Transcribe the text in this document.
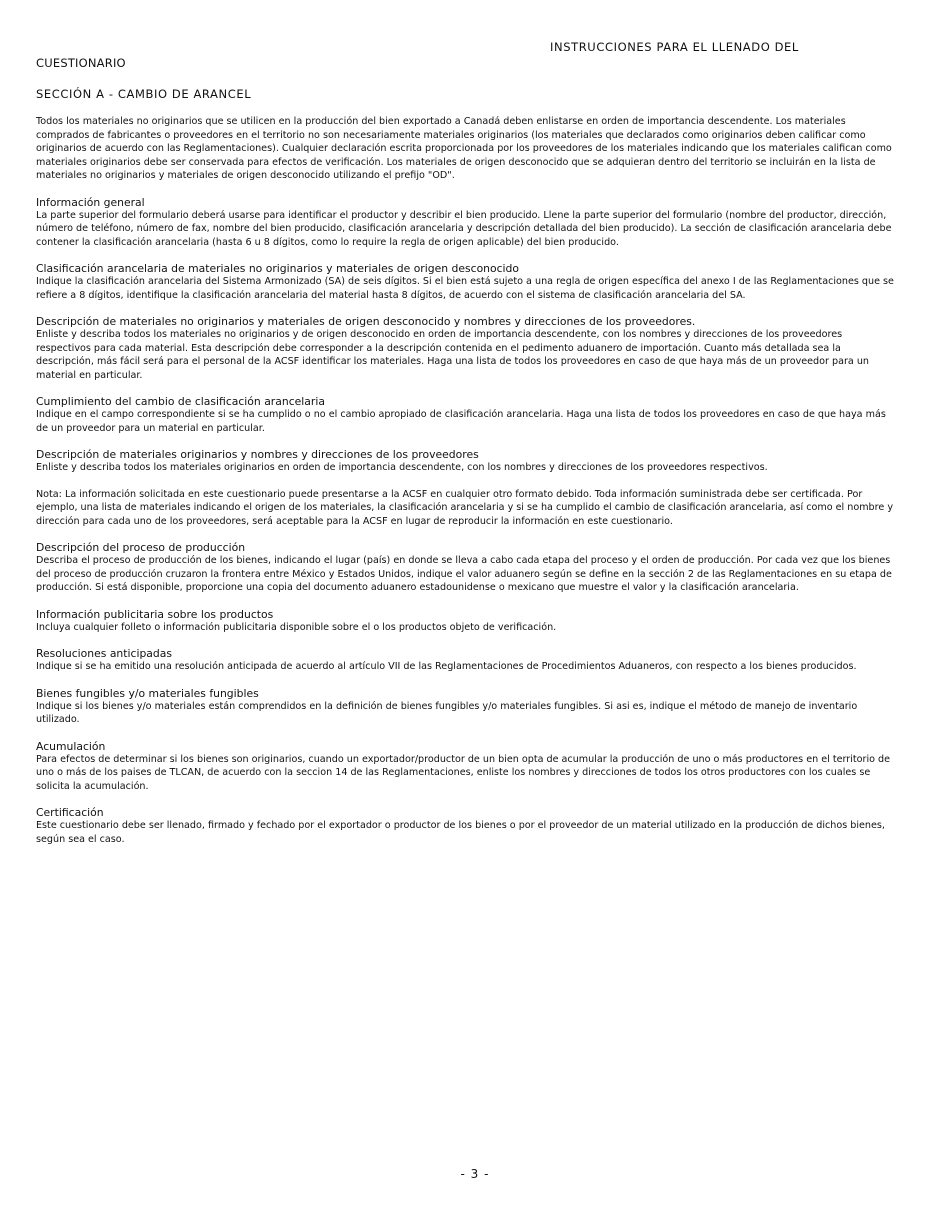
INSTRUCCIONES PARA EL LLENADO DEL
CUESTIONARIO
SECCIÓN A - CAMBIO DE ARANCEL

Todos los materiales no originarios que se utilicen en la producción del bien exportado a Canadá deben enlistarse en orden de importancia descendente. Los materiales comprados de fabricantes o proveedores en el territorio no son necesariamente materiales originarios (los materiales que declarados como originarios deben calificar como originarios de acuerdo con las Reglamentaciones). Cualquier declaración escrita proporcionada por los proveedores de los materiales indicando que los materiales califican como materiales originarios debe ser conservada para efectos de verificación. Los materiales de origen desconocido que se adquieran dentro del territorio se incluirán en la lista de materiales no originarios y materiales de origen desconocido utilizando el prefijo "OD".

Información general

La parte superior del formulario deberá usarse para identificar el productor y describir el bien producido. Llene la parte superior del formulario (nombre del productor, dirección, número de teléfono, número de fax, nombre del bien producido, clasificación arancelaria y descripción detallada del bien producido). La sección de clasificación arancelaria debe contener la clasificación arancelaria (hasta 6 u 8 dígitos, como lo require la regla de origen aplicable) del bien producido.

Clasificación arancelaria de materiales no originarios y materiales de origen desconocido

Indique la clasificación arancelaria del Sistema Armonizado (SA) de seis dígitos. Si el bien está sujeto a una regla de origen específica del anexo I de las Reglamentaciones que se refiere a 8 dígitos, identifique la clasificación arancelaria del material hasta 8 dígitos, de acuerdo con el sistema de clasificación arancelaria del SA.

Descripción de materiales no originarios y materiales de origen desconocido y nombres y direcciones de los proveedores.

Enliste y describa todos los materiales no originarios y de origen desconocido en orden de importancia descendente, con los nombres y direcciones de los proveedores respectivos para cada material. Esta descripción debe corresponder a la descripción contenida en el pedimento aduanero de importación. Cuanto más detallada sea la descripción, más fácil será para el personal de la ACSF identificar los materiales. Haga una lista de todos los proveedores en caso de que haya más de un proveedor para un material en particular.

Cumplimiento del cambio de clasificación arancelaria

Indique en el campo correspondiente si se ha cumplido o no el cambio apropiado de clasificación arancelaria. Haga una lista de todos los proveedores en caso de que haya más de un proveedor para un material en particular.

Descripción de materiales originarios y nombres y direcciones de los proveedores

Enliste y describa todos los materiales originarios en orden de importancia descendente, con los nombres y direcciones de los proveedores respectivos.

Nota: La información solicitada en este cuestionario puede presentarse a la ACSF en cualquier otro formato debido. Toda información suministrada debe ser certificada. Por ejemplo, una lista de materiales indicando el origen de los materiales, la clasificación arancelaria y si se ha cumplido el cambio de clasificación arancelaria, así como el nombre y dirección para cada uno de los proveedores, será aceptable para la ACSF en lugar de reproducir la información en este cuestionario.

Descripción del proceso de producción

Describa el proceso de producción de los bienes, indicando el lugar (país) en donde se lleva a cabo cada etapa del proceso y el orden de producción. Por cada vez que los bienes del proceso de producción cruzaron la frontera entre México y Estados Unidos, indique el valor aduanero según se define en la sección 2 de las Reglamentaciones en su etapa de producción. Si está disponible, proporcione una copia del documento aduanero estadounidense o mexicano que muestre el valor y la clasificación arancelaria.

Información publicitaria sobre los productos

Incluya cualquier folleto o información publicitaria disponible sobre el o los productos objeto de verificación.

Resoluciones anticipadas

Indique si se ha emitido una resolución anticipada de acuerdo al artículo VII de las Reglamentaciones de Procedimientos Aduaneros, con respecto a los bienes producidos.

Bienes fungibles y/o materiales fungibles

Indique si los bienes y/o materiales están comprendidos en la definición de bienes fungibles y/o materiales fungibles. Si asi es, indique el método de manejo de inventario utilizado.

Acumulación

Para efectos de determinar si los bienes son originarios, cuando un exportador/productor de un bien opta de acumular la producción de uno o más productores en el territorio de uno o más de los paises de TLCAN, de acuerdo con la seccion 14 de las Reglamentaciones, enliste los nombres y direcciones de todos los otros productores con los cuales se solicita la acumulación.

Certificación

Este cuestionario debe ser llenado, firmado y fechado por el exportador o productor de los bienes o por el proveedor de un material utilizado en la producción de dichos bienes, según sea el caso.

- 3 -
